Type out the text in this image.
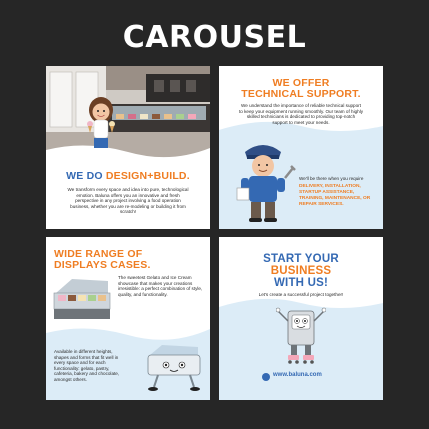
CAROUSEL
WE DO DESIGN+BUILD.
We transform every space and idea into pure, technological emotion. Baluna offers you an innovative and fresh perspective in any project involving a food operation business, whether you are re-modeling or building it from scratch!
WE OFFER
TECHNICAL SUPPORT.
We understand the importance of reliable technical support to keep your equipment running smoothly. Our team of highly skilled technicians is dedicated to providing top-notch support to meet your needs.
We'll be there when you require
DELIVERY, INSTALLATION, STARTUP ASSISTANCE, TRAINING, MAINTENANCE, OR REPAIR SERVICES.
WIDE RANGE OF
DISPLAYS CASES.
The sweetest Gelato and Ice Cream showcase that makes your creations irresistible: a perfect combination of style, quality, and functionality.
Available in different heights, shapes and forms that fit well in every space and for each functionality: gelato, pastry, cafeteria, bakery and chocolate, amongst others.
START YOUR
BUSINESS
WITH US!
Let's create a successful project together!
www.baluna.com
